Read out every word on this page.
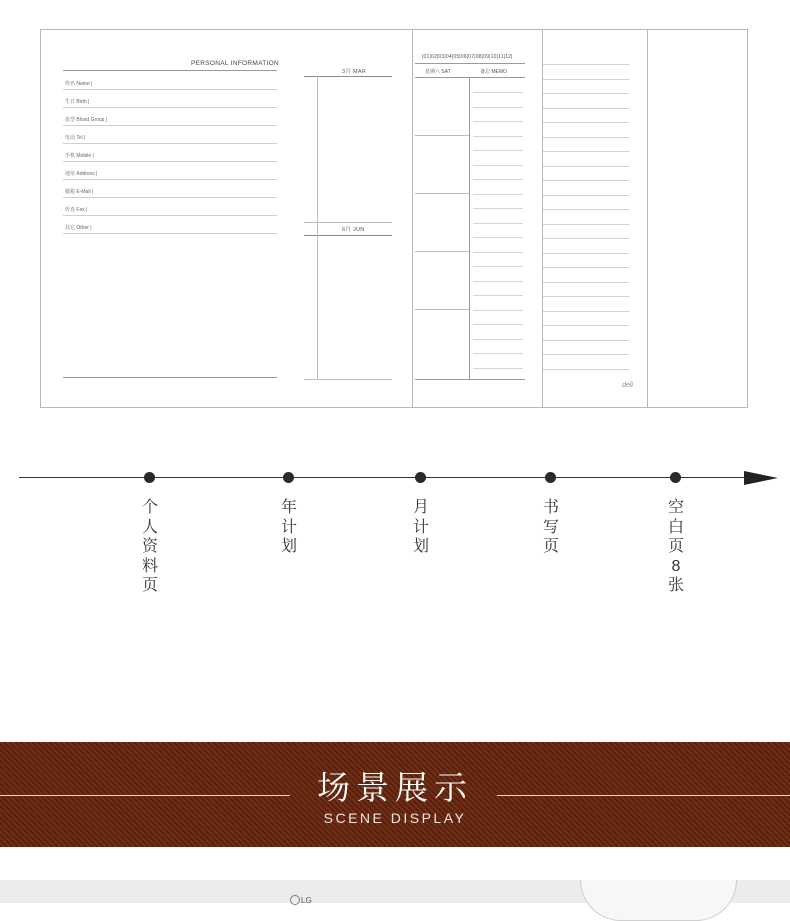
PERSONAL INFORMATION
姓名 Name |
生日 Birth |
血型 Blood Group |
电话 Tel |
手机 Mobile |
地址 Address |
邮箱 E-Mail |
传真 Fax |
其它 Other |
3月 MAR
6月 JUN
|01|02|03|04|05|06|07|08|09|10|11|12|
星期六 SAT	备忘 MEMO
deli
个人资料页
年计划
月计划
书写页
空白页8张
场景展示
SCENE DISPLAY
LG
